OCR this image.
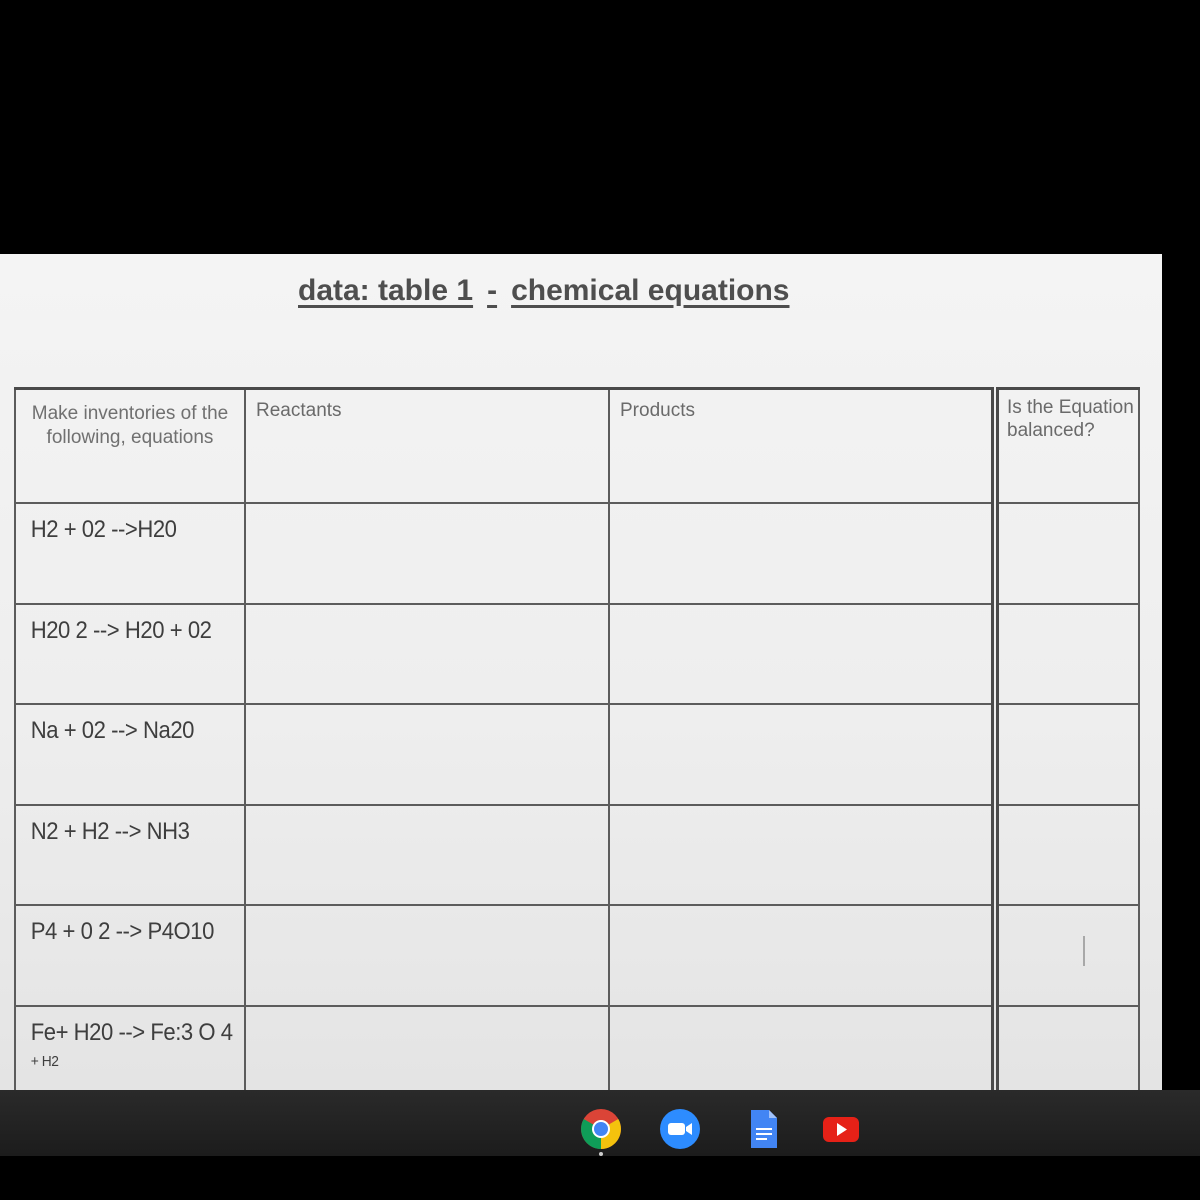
data: table 1 - chemical equations
Make inventories of the following, equations	Reactants	Products	Is the Equation balanced?

H2 + 02 -->H20			

H20 2 --> H20 + 02			

Na + 02 --> Na20			

N2 + H2 --> NH3			

P4 + 0 2 --> P4O10			

Fe+ H20 --> Fe:3 O 4
+ H2			
